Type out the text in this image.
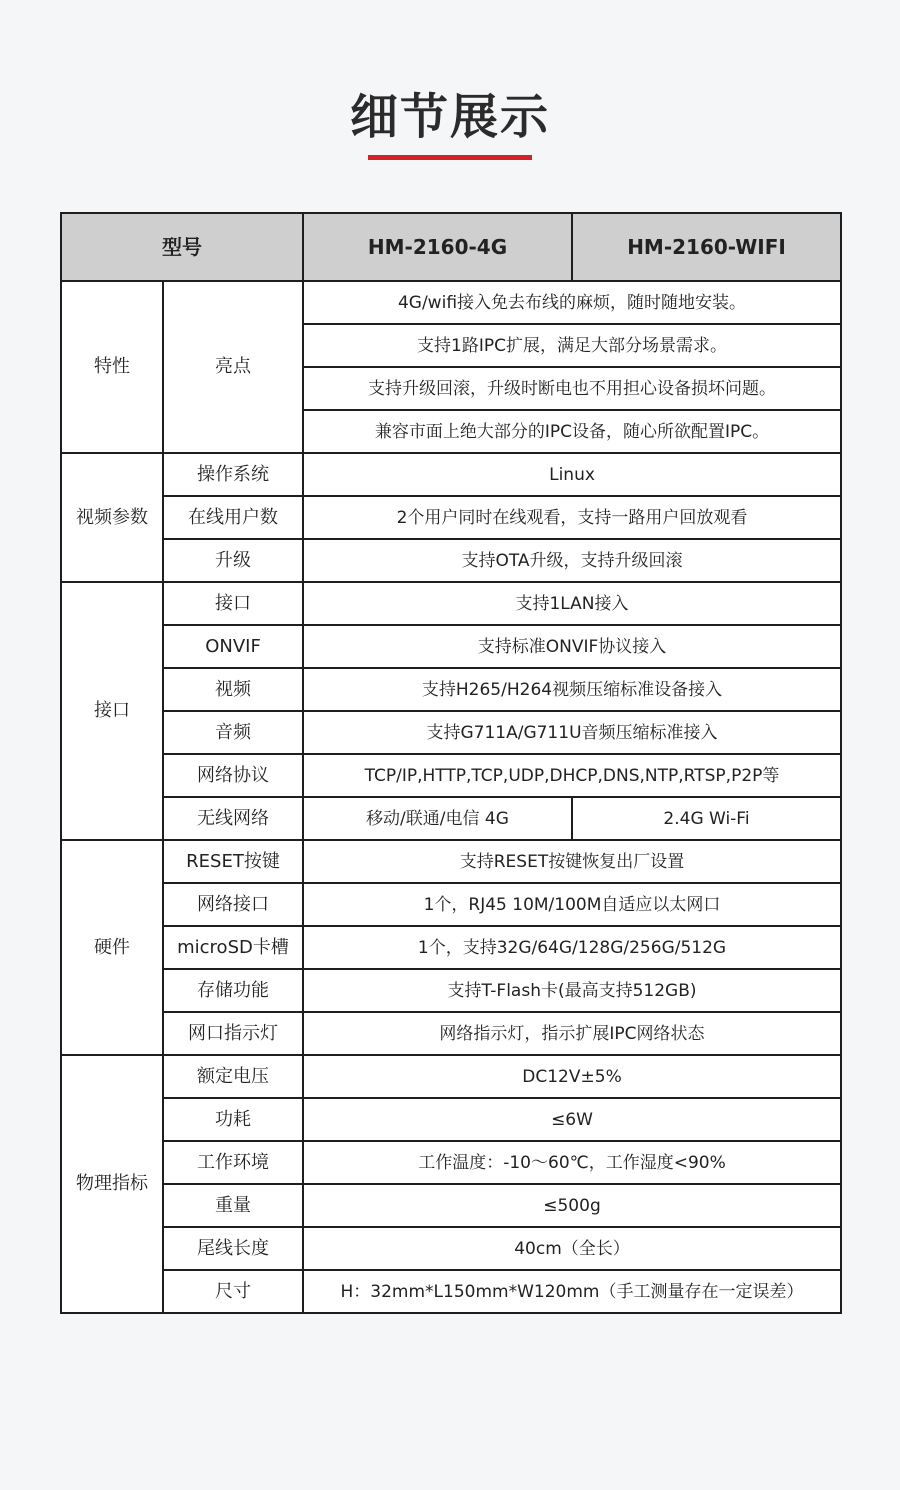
细节展示
型号		HM-2160-4G	HM-2160-WIFI
特性	亮点	4G/wifi接入免去布线的麻烦，随时随地安装。	
		支持1路IPC扩展，满足大部分场景需求。	
		支持升级回滚，升级时断电也不用担心设备损坏问题。	
		兼容市面上绝大部分的IPC设备，随心所欲配置IPC。	
视频参数	操作系统	Linux	
	在线用户数	2个用户同时在线观看，支持一路用户回放观看	
	升级	支持OTA升级，支持升级回滚	
接口	接口	支持1LAN接入	
	ONVIF	支持标准ONVIF协议接入	
	视频	支持H265/H264视频压缩标准设备接入	
	音频	支持G711A/G711U音频压缩标准接入	
	网络协议	TCP/IP,HTTP,TCP,UDP,DHCP,DNS,NTP,RTSP,P2P等	
	无线网络	移动/联通/电信 4G	2.4G Wi-Fi
硬件	RESET按键	支持RESET按键恢复出厂设置	
	网络接口	1个，RJ45 10M/100M自适应以太网口	
	microSD卡槽	1个，支持32G/64G/128G/256G/512G	
	存储功能	支持T-Flash卡(最高支持512GB)	
	网口指示灯	网络指示灯，指示扩展IPC网络状态	
物理指标	额定电压	DC12V±5%	
	功耗	≤6W	
	工作环境	工作温度：-10～60℃，工作湿度<90%	
	重量	≤500g	
	尾线长度	40cm（全长）	
	尺寸	H：32mm*L150mm*W120mm（手工测量存在一定误差）	
